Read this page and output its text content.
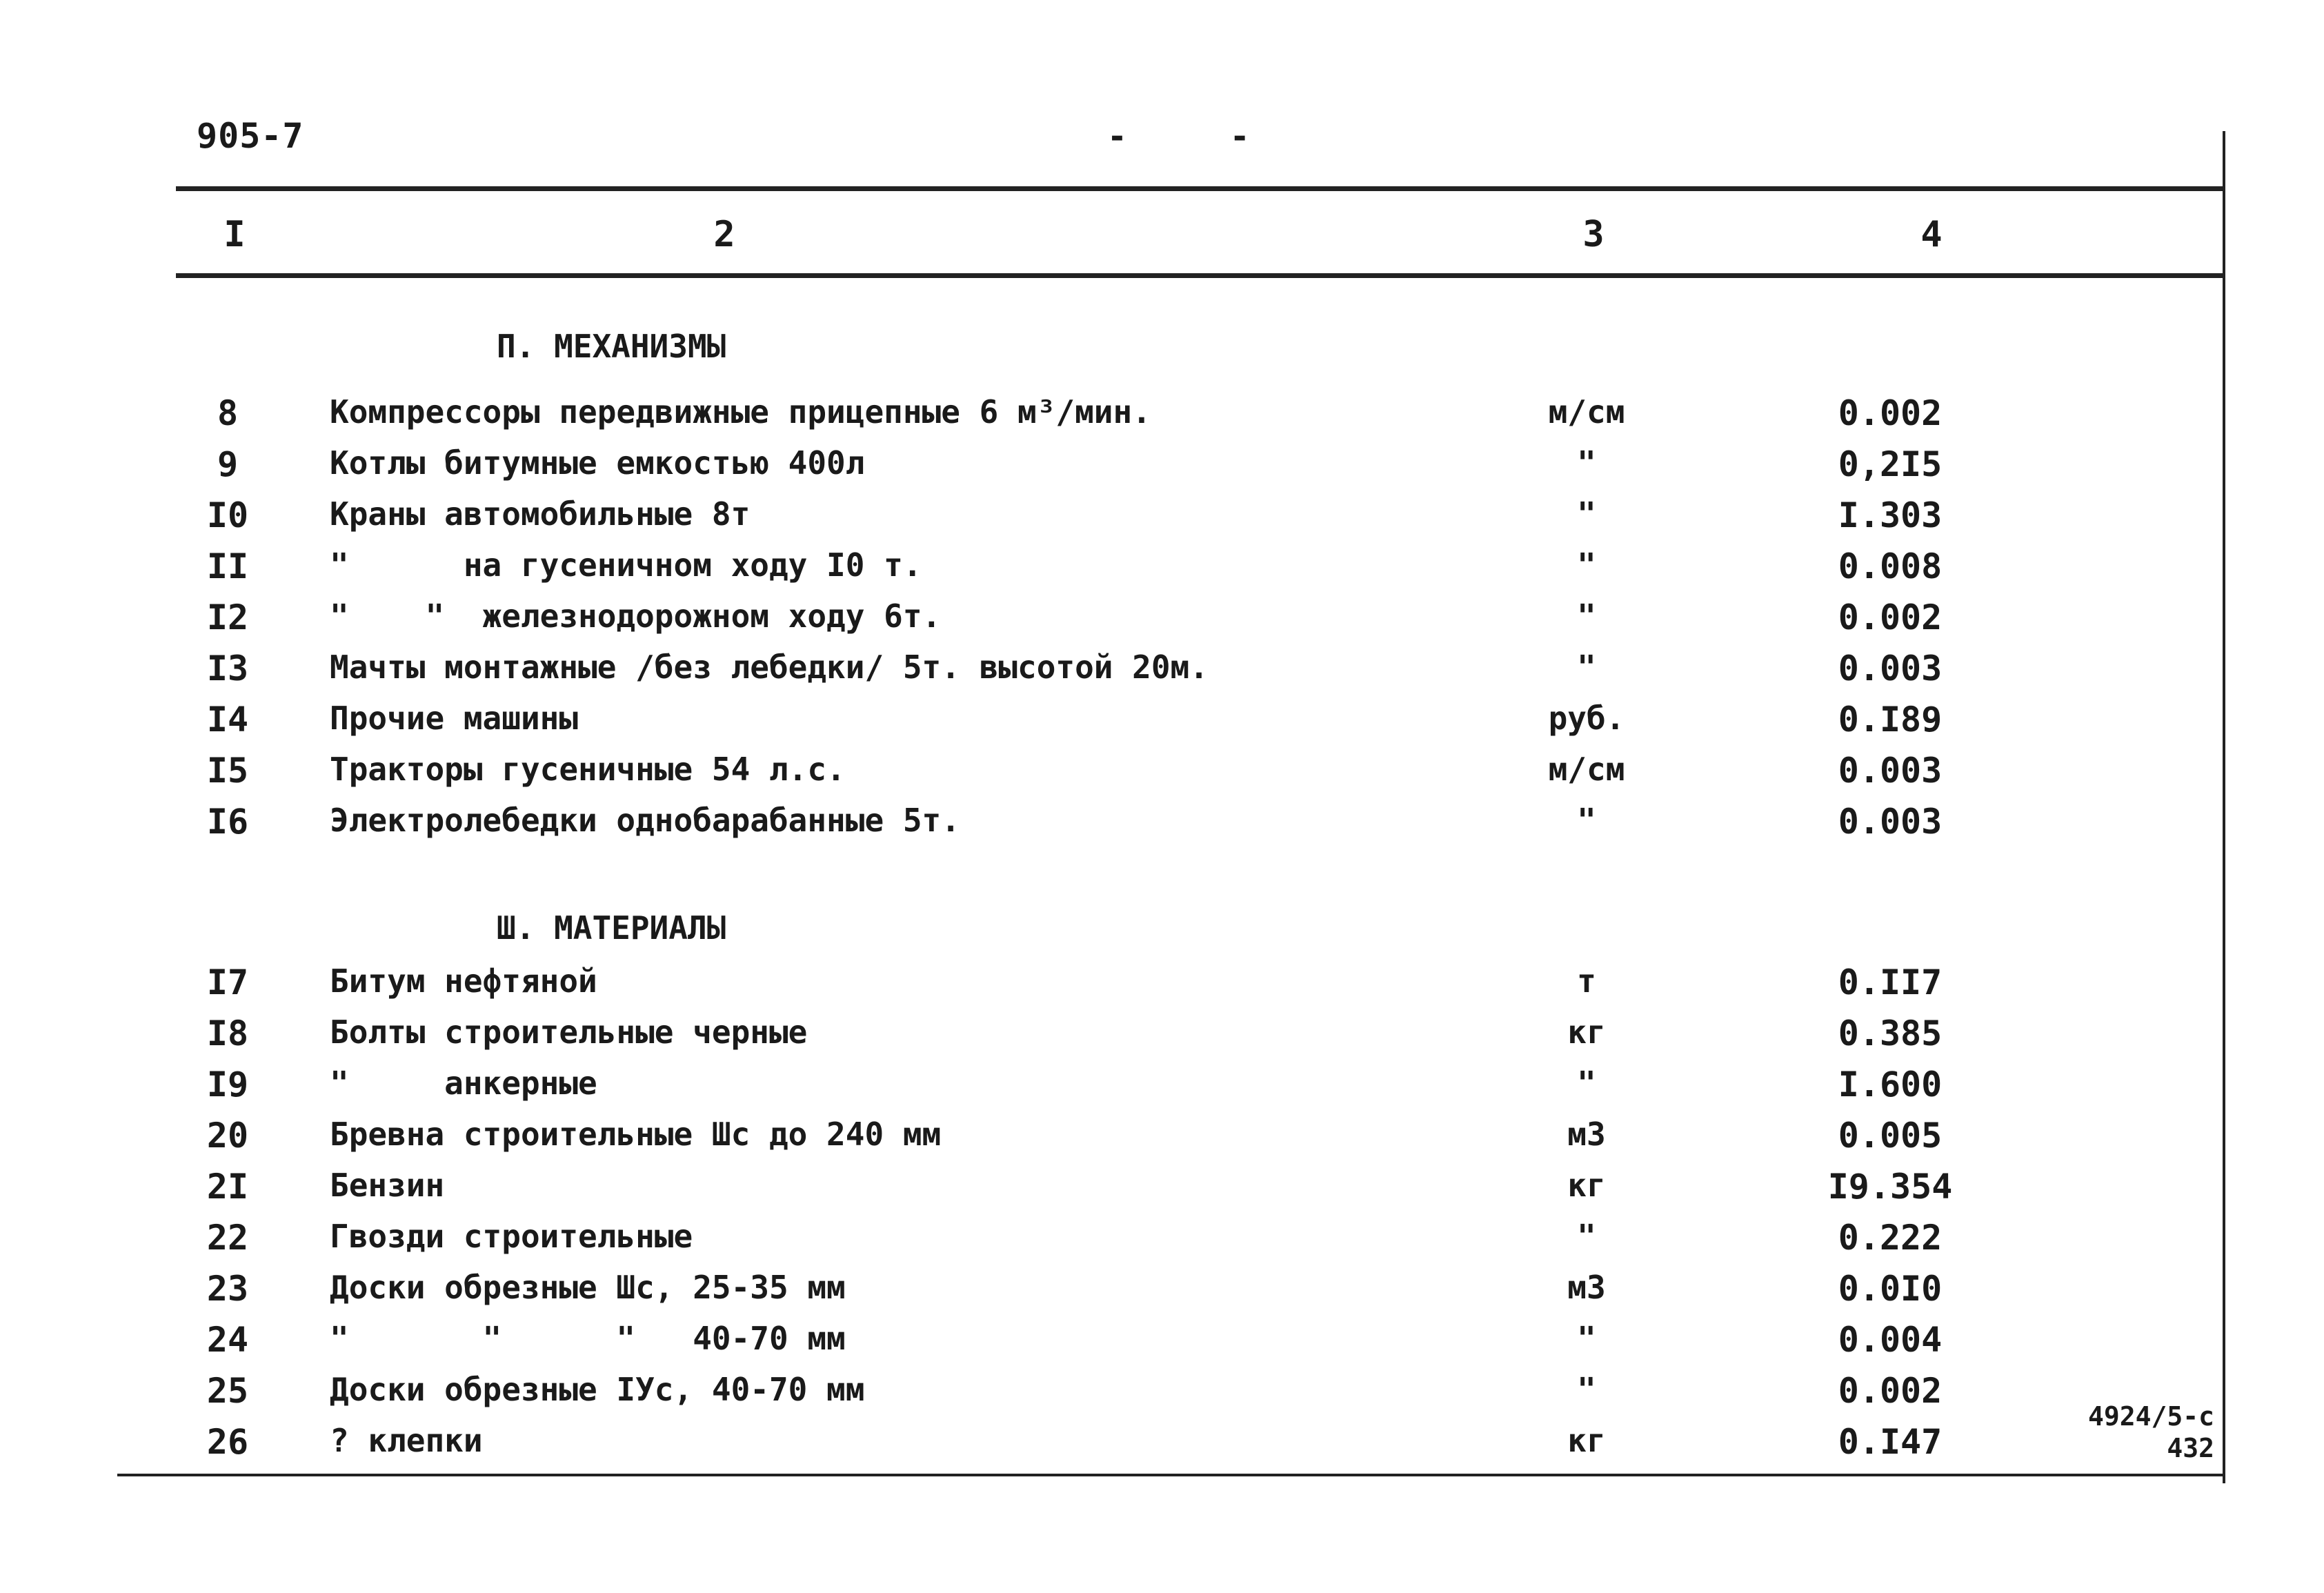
905-7	- -
I	2	3	4
П. МЕХАНИЗМЫ
8	Компрессоры передвижные прицепные 6 м³/мин.	м/см	0.002
9	Котлы битумные емкостью 400л	"	0,2I5
I0	Краны автомобильные 8т	"	I.303
II	"      на гусеничном ходу I0 т.	"	0.008
I2	"    "  железнодорожном ходу 6т.	"	0.002
I3	Мачты монтажные /без лебедки/ 5т. высотой 20м.	"	0.003
I4	Прочие машины	руб.	0.I89
I5	Тракторы гусеничные 54 л.с.	м/см	0.003
I6	Электролебедки однобарабанные 5т.	"	0.003
Ш. МАТЕРИАЛЫ
I7	Битум нефтяной	т	0.II7
I8	Болты строительные черные	кг	0.385
I9	"     анкерные	"	I.600
20	Бревна строительные Шс до 240 мм	м3	0.005
2I	Бензин	кг	I9.354
22	Гвозди строительные	"	0.222
23	Доски обрезные Шс, 25-35 мм	м3	0.0I0
24	"       "      "   40-70 мм	"	0.004
25	Доски обрезные IУс, 40-70 мм	"	0.002
26	? клепки	кг	0.I47
4924/5-с
432
